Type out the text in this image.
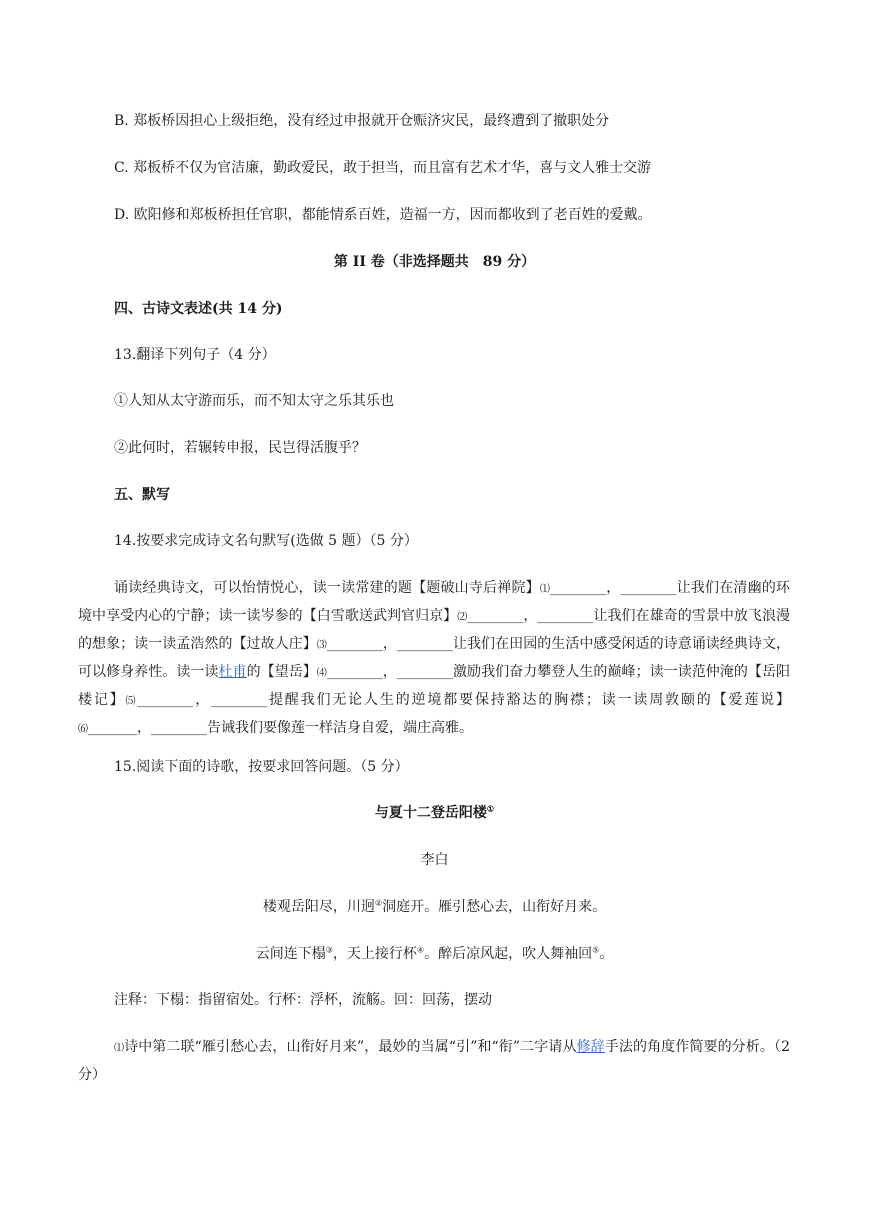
B. 郑板桥因担心上级拒绝，没有经过申报就开仓赈济灾民，最终遭到了撤职处分
C. 郑板桥不仅为官洁廉，勤政爱民，敢于担当，而且富有艺术才华，喜与文人雅士交游
D. 欧阳修和郑板桥担任官职，都能情系百姓，造福一方，因而都收到了老百姓的爱戴。
第 II 卷（非选择题共　89 分）
四、古诗文表述(共 14 分)
13.翻译下列句子（4 分）
①人知从太守游而乐，而不知太守之乐其乐也
②此何时，若辗转申报，民岂得活腹乎？
五、默写
14.按要求完成诗文名句默写(选做 5 题）（5 分）
诵读经典诗文，可以怡情悦心，读一读常建的题【题破山寺后禅院】⑴________，________让我们在清幽的环境中享受内心的宁静；读一读岑参的【白雪歌送武判官归京】⑵________，________让我们在雄奇的雪景中放飞浪漫的想象；读一读孟浩然的【过故人庄】⑶________，________让我们在田园的生活中感受闲适的诗意诵读经典诗文，可以修身养性。读一读杜甫的【望岳】⑷________，________激励我们奋力攀登人生的巅峰；读一读范仲淹的【岳阳楼记】⑸________，________提醒我们无论人生的逆境都要保持豁达的胸襟；读一读周敦颐的【爱莲说】⑹_______，________告诫我们要像莲一样洁身自爱，端庄高雅。
15.阅读下面的诗歌，按要求回答问题。（5 分）
与夏十二登岳阳楼①
李白
楼观岳阳尽，川迥②洞庭开。雁引愁心去，山衔好月来。
云间连下榻③，天上接行杯④。醉后凉风起，吹人舞袖回⑤。
注释：下榻：指留宿处。行杯：浮杯，流觞。回：回荡，摆动
⑴诗中第二联“雁引愁心去，山衔好月来”，最妙的当属“引”和“衔”二字请从修辞手法的角度作简要的分析。（2 分）
